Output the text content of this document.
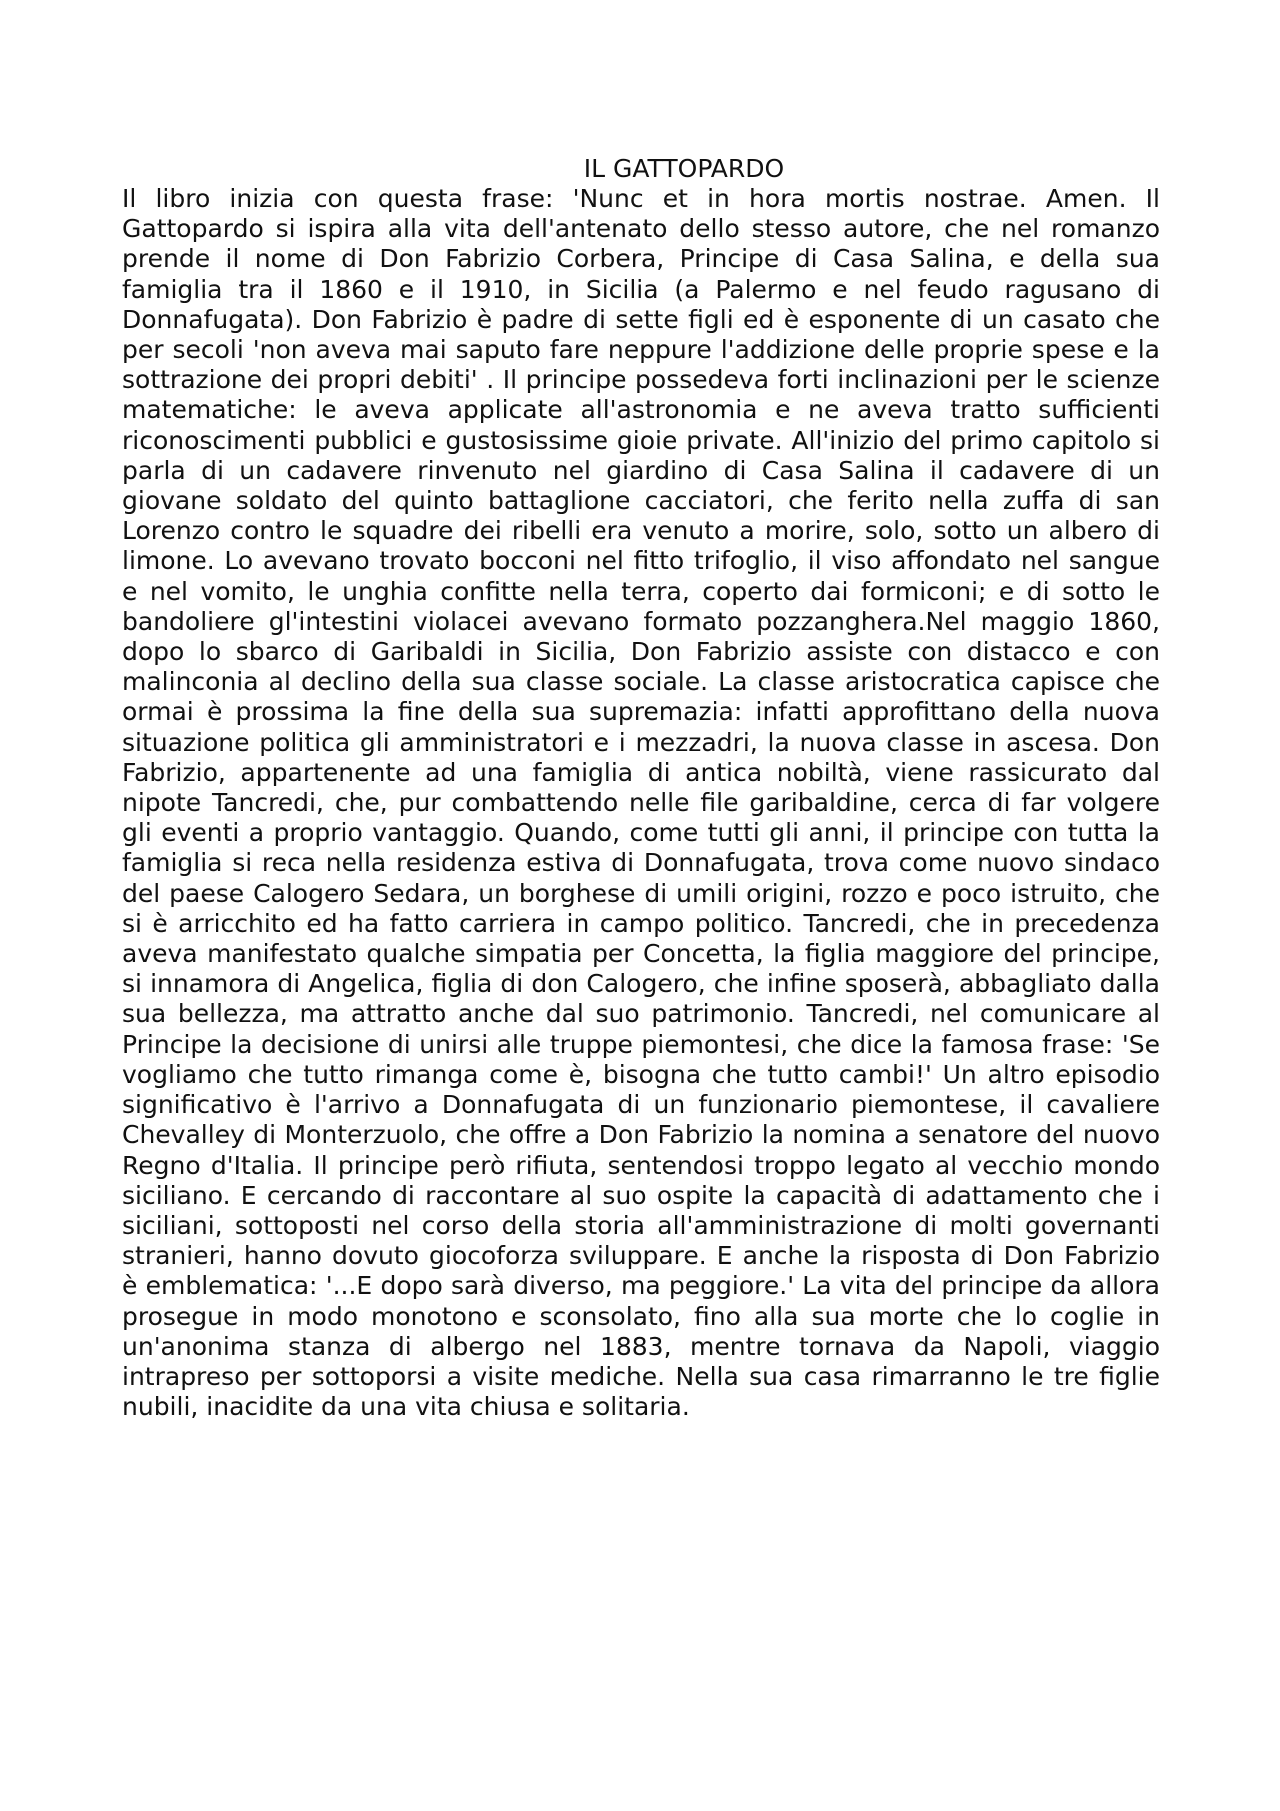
IL GATTOPARDO

Il libro inizia con questa frase: 'Nunc et in hora mortis nostrae. Amen. Il Gattopardo si ispira alla vita dell'antenato dello stesso autore, che nel romanzo prende il nome di Don Fabrizio Corbera, Principe di Casa Salina, e della sua famiglia tra il 1860 e il 1910, in Sicilia (a Palermo e nel feudo ragusano di Donnafugata). Don Fabrizio è padre di sette figli ed è esponente di un casato che per secoli 'non aveva mai saputo fare neppure l'addizione delle proprie spese e la sottrazione dei propri debiti' . Il principe possedeva forti inclinazioni per le scienze matematiche: le aveva applicate all'astronomia e ne aveva tratto sufficienti riconoscimenti pubblici e gustosissime gioie private. All'inizio del primo capitolo si parla di un cadavere rinvenuto nel giardino di Casa Salina il cadavere di un giovane soldato del quinto battaglione cacciatori, che ferito nella zuffa di san Lorenzo contro le squadre dei ribelli era venuto a morire, solo, sotto un albero di limone. Lo avevano trovato bocconi nel fitto trifoglio, il viso affondato nel sangue e nel vomito, le unghia confitte nella terra, coperto dai formiconi; e di sotto le bandoliere gl'intestini violacei avevano formato pozzanghera.Nel maggio 1860, dopo lo sbarco di Garibaldi in Sicilia, Don Fabrizio assiste con distacco e con malinconia al declino della sua classe sociale. La classe aristocratica capisce che ormai è prossima la fine della sua supremazia: infatti approfittano della nuova situazione politica gli amministratori e i mezzadri, la nuova classe in ascesa. Don Fabrizio, appartenente ad una famiglia di antica nobiltà, viene rassicurato dal nipote Tancredi, che, pur combattendo nelle file garibaldine, cerca di far volgere gli eventi a proprio vantaggio. Quando, come tutti gli anni, il principe con tutta la famiglia si reca nella residenza estiva di Donnafugata, trova come nuovo sindaco del paese Calogero Sedara, un borghese di umili origini, rozzo e poco istruito, che si è arricchito ed ha fatto carriera in campo politico. Tancredi, che in precedenza aveva manifestato qualche simpatia per Concetta, la figlia maggiore del principe, si innamora di Angelica, figlia di don Calogero, che infine sposerà, abbagliato dalla sua bellezza, ma attratto anche dal suo patrimonio. Tancredi, nel comunicare al Principe la decisione di unirsi alle truppe piemontesi, che dice la famosa frase: 'Se vogliamo che tutto rimanga come è, bisogna che tutto cambi!' Un altro episodio significativo è l'arrivo a Donnafugata di un funzionario piemontese, il cavaliere Chevalley di Monterzuolo, che offre a Don Fabrizio la nomina a senatore del nuovo Regno d'Italia. Il principe però rifiuta, sentendosi troppo legato al vecchio mondo siciliano. E cercando di raccontare al suo ospite la capacità di adattamento che i siciliani, sottoposti nel corso della storia all'amministrazione di molti governanti stranieri, hanno dovuto giocoforza sviluppare. E anche la risposta di Don Fabrizio è emblematica: '...E dopo sarà diverso, ma peggiore.' La vita del principe da allora prosegue in modo monotono e sconsolato, fino alla sua morte che lo coglie in un'anonima stanza di albergo nel 1883, mentre tornava da Napoli, viaggio intrapreso per sottoporsi a visite mediche. Nella sua casa rimarranno le tre figlie nubili, inacidite da una vita chiusa e solitaria.
